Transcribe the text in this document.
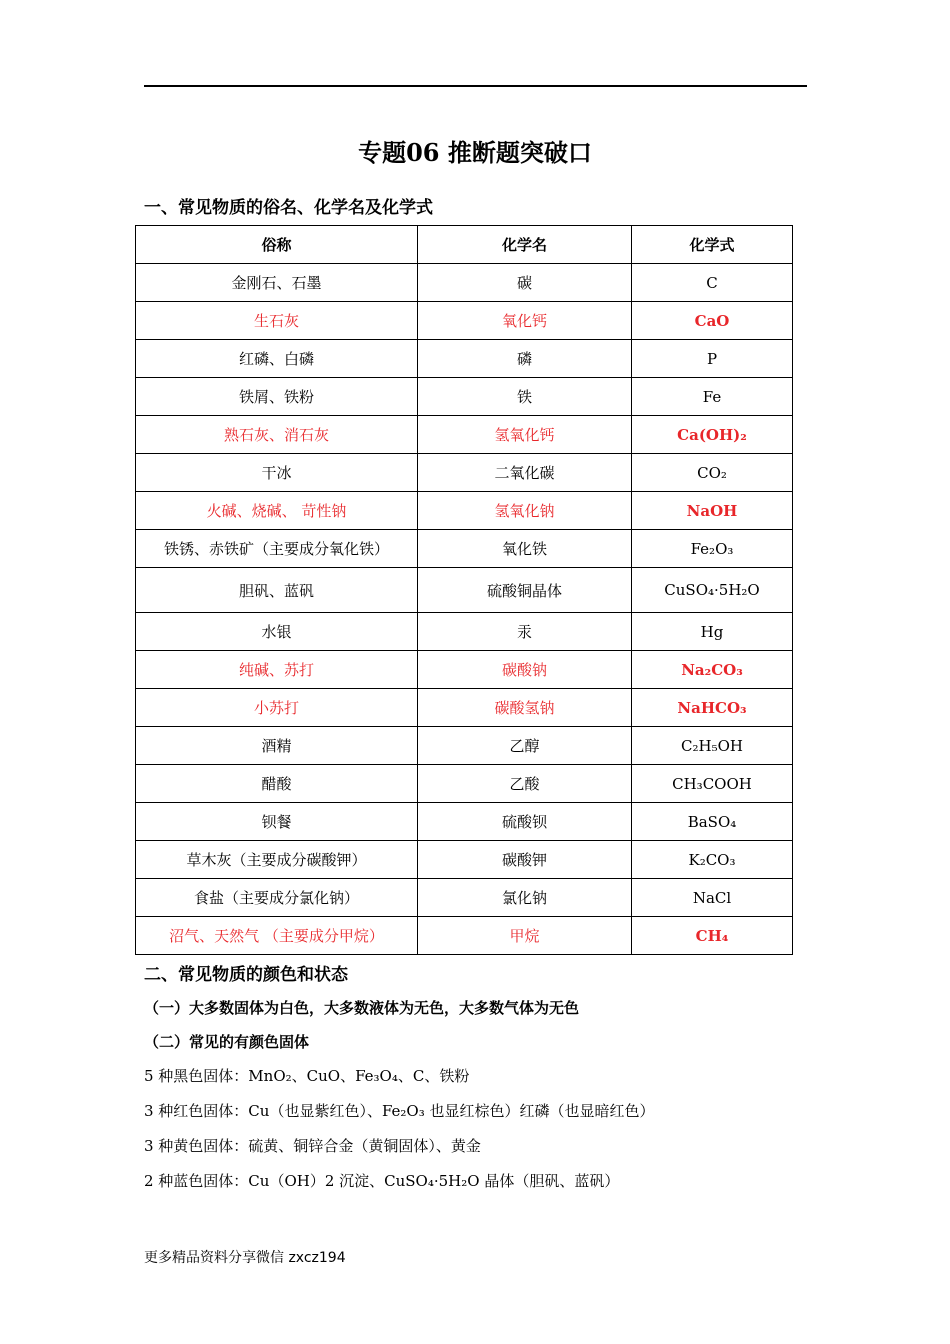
专题06 推断题突破口
一、常见物质的俗名、化学名及化学式
俗称	化学名	化学式
金刚石、石墨	碳	C
生石灰	氧化钙	CaO
红磷、白磷	磷	P
铁屑、铁粉	铁	Fe
熟石灰、消石灰	氢氧化钙	Ca(OH)₂
干冰	二氧化碳	CO₂
火碱、烧碱、 苛性钠	氢氧化钠	NaOH
铁锈、赤铁矿（主要成分氧化铁）	氧化铁	Fe₂O₃
胆矾、蓝矾	硫酸铜晶体	CuSO₄·5H₂O
水银	汞	Hg
纯碱、苏打	碳酸钠	Na₂CO₃
小苏打	碳酸氢钠	NaHCO₃
酒精	乙醇	C₂H₅OH
醋酸	乙酸	CH₃COOH
钡餐	硫酸钡	BaSO₄
草木灰（主要成分碳酸钾）	碳酸钾	K₂CO₃
食盐（主要成分氯化钠）	氯化钠	NaCl
沼气、天然气 （主要成分甲烷）	甲烷	CH₄
二、常见物质的颜色和状态
（一）大多数固体为白色，大多数液体为无色，大多数气体为无色
（二）常见的有颜色固体
5 种黑色固体：MnO₂、CuO、Fe₃O₄、C、铁粉
3 种红色固体：Cu（也显紫红色）、Fe₂O₃ 也显红棕色）红磷（也显暗红色）
3 种黄色固体：硫黄、铜锌合金（黄铜固体）、黄金
2 种蓝色固体：Cu（OH）2 沉淀、CuSO₄·5H₂O 晶体（胆矾、蓝矾）
更多精品资料分享微信 zxcz194
